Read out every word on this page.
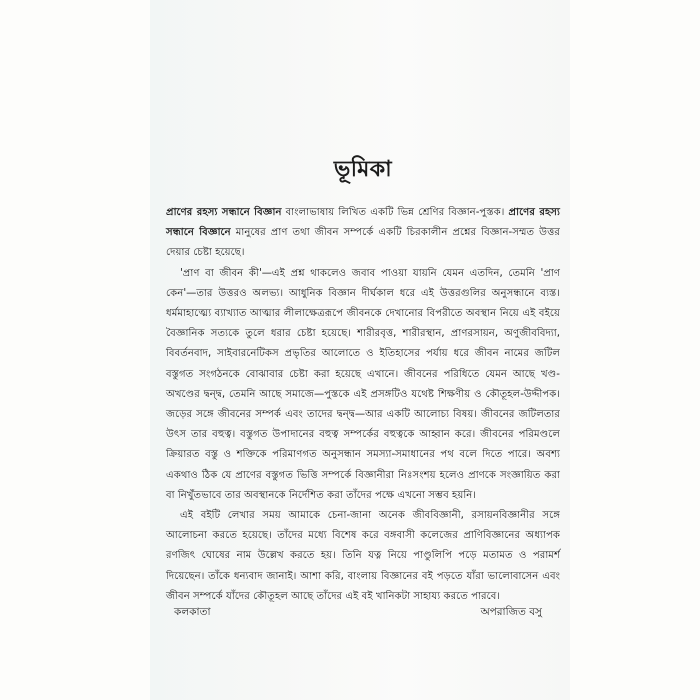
ভূমিকা

প্রাণের রহস্য সন্ধানে বিজ্ঞান বাংলাভাষায় লিখিত একটি ভিন্ন শ্রেণির বিজ্ঞান-পুস্তক। প্রাণের রহস্য সন্ধানে বিজ্ঞানে মানুষের প্রাণ তথা জীবন সম্পর্কে একটি চিরকালীন প্রশ্নের বিজ্ঞান-সম্মত উত্তর দেয়ার চেষ্টা হয়েছে।

'প্রাণ বা জীবন কী'—এই প্রশ্ন থাকলেও জবাব পাওয়া যায়নি যেমন এতদিন, তেমনি 'প্রাণ কেন'—তার উত্তরও অলভ্য। আধুনিক বিজ্ঞান দীর্ঘকাল ধরে এই উত্তরগুলির অনুসন্ধানে ব্যস্ত। ধর্মমাহাত্ম্যে ব্যাখ্যাত আত্মার লীলাক্ষেত্ররূপে জীবনকে দেখানোর বিপরীতে অবস্থান নিয়ে এই বইয়ে বৈজ্ঞানিক সত্যকে তুলে ধরার চেষ্টা হয়েছে। শারীরবৃত্ত, শারীরস্থান, প্রাণরসায়ন, অণুজীববিদ্যা, বিবর্তনবাদ, সাইবারনেটিকস প্রভৃতির আলোতে ও ইতিহাসের পর্যায় ধরে জীবন নামের জটিল বস্তুগত সংগঠনকে বোঝাবার চেষ্টা করা হয়েছে এখানে। জীবনের পরিধিতে যেমন আছে খণ্ড-অখণ্ডের দ্বন্দ্ব, তেমনি আছে সমাজে—পুস্তকে এই প্রসঙ্গটিও যথেষ্ট শিক্ষণীয় ও কৌতূহল-উদ্দীপক। জড়ের সঙ্গে জীবনের সম্পর্ক এবং তাদের দ্বন্দ্ব—আর একটি আলোচ্য বিষয়। জীবনের জটিলতার উৎস তার বহুত্ব। বস্তুগত উপাদানের বহুত্ব সম্পর্কের বহুত্বকে আহ্বান করে। জীবনের পরিমণ্ডলে ক্রিয়ারত বস্তু ও শক্তিকে পরিমাণগত অনুসন্ধান সমস্যা-সমাধানের পথ বলে দিতে পারে। অবশ্য একথাও ঠিক যে প্রাণের বস্তুগত ভিত্তি সম্পর্কে বিজ্ঞানীরা নিঃসংশয় হলেও প্রাণকে সংজ্ঞায়িত করা বা নিখুঁতভাবে তার অবস্থানকে নির্দেশিত করা তাঁদের পক্ষে এখনো সম্ভব হয়নি।

এই বইটি লেখার সময় আমাকে চেনা-জানা অনেক জীববিজ্ঞানী, রসায়নবিজ্ঞানীর সঙ্গে আলোচনা করতে হয়েছে। তাঁদের মধ্যে বিশেষ করে বঙ্গবাসী কলেজের প্রাণিবিজ্ঞানের অধ্যাপক রণজিৎ ঘোষের নাম উল্লেখ করতে হয়। তিনি যত্ন নিয়ে পাণ্ডুলিপি পড়ে মতামত ও পরামর্শ দিয়েছেন। তাঁকে ধন্যবাদ জানাই। আশা করি, বাংলায় বিজ্ঞানের বই পড়তে যাঁরা ভালোবাসেন এবং জীবন সম্পর্কে যাঁদের কৌতূহল আছে তাঁদের এই বই খানিকটা সাহায্য করতে পারবে।

কলকাতা	অপরাজিত বসু
